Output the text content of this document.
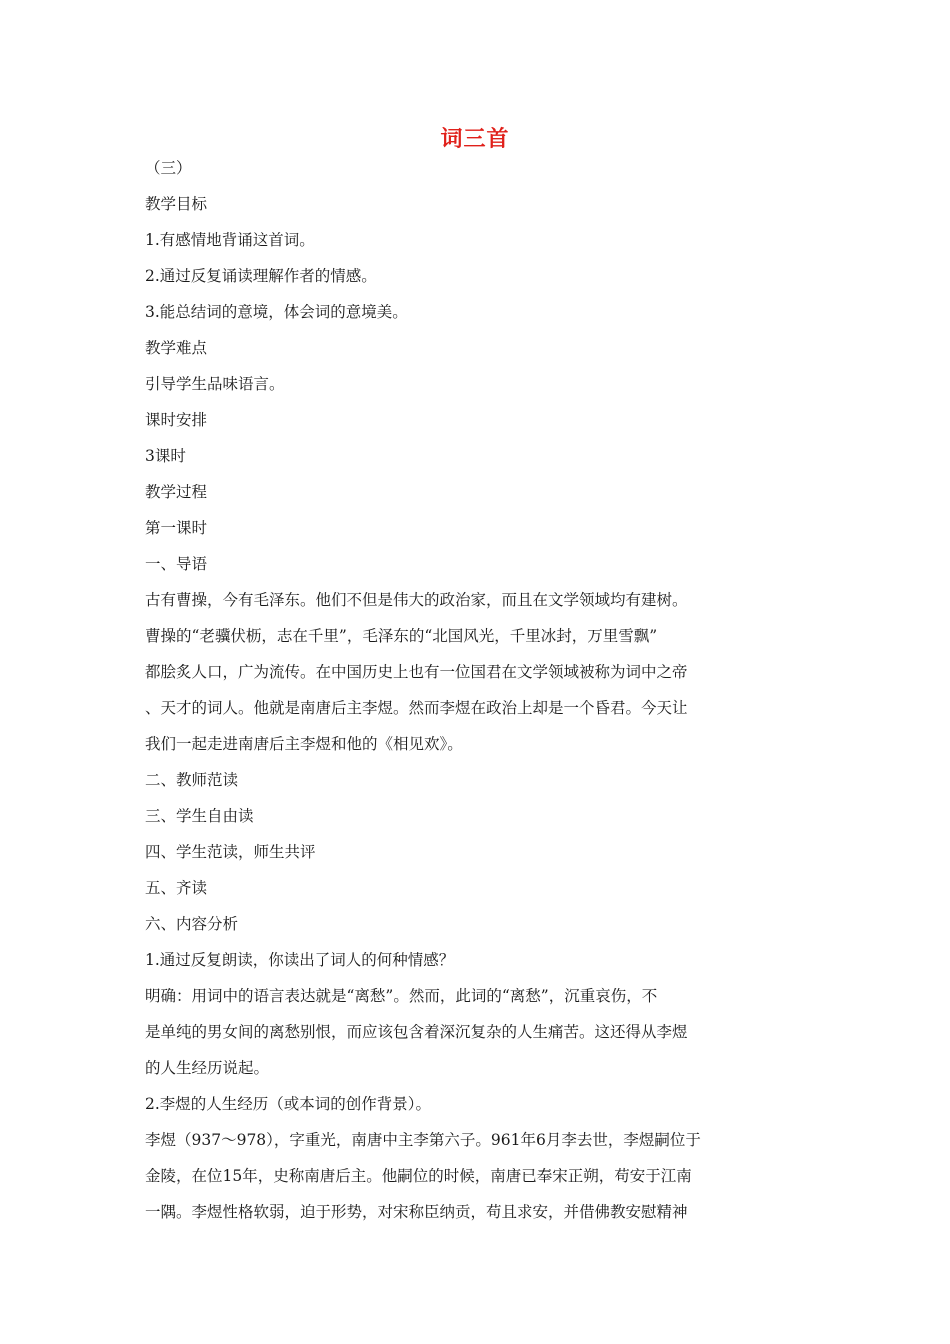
词三首
（三）
教学目标
1.有感情地背诵这首词。
2.通过反复诵读理解作者的情感。
3.能总结词的意境，体会词的意境美。
教学难点
引导学生品味语言。
课时安排
3课时
教学过程
第一课时
一、导语
古有曹操，今有毛泽东。他们不但是伟大的政治家，而且在文学领域均有建树。
曹操的“老骥伏枥，志在千里”，毛泽东的“北国风光，千里冰封，万里雪飘”
都脍炙人口，广为流传。在中国历史上也有一位国君在文学领域被称为词中之帝
、天才的词人。他就是南唐后主李煜。然而李煜在政治上却是一个昏君。今天让
我们一起走进南唐后主李煜和他的《相见欢》。
二、教师范读
三、学生自由读
四、学生范读，师生共评
五、齐读
六、内容分析
1.通过反复朗读，你读出了词人的何种情感？
明确：用词中的语言表达就是“离愁”。然而，此词的“离愁”，沉重哀伤，不
是单纯的男女间的离愁别恨，而应该包含着深沉复杂的人生痛苦。这还得从李煜
的人生经历说起。
2.李煜的人生经历（或本词的创作背景）。
李煜（937～978），字重光，南唐中主李第六子。961年6月李去世，李煜嗣位于
金陵，在位15年，史称南唐后主。他嗣位的时候，南唐已奉宋正朔，苟安于江南
一隅。李煜性格软弱，迫于形势，对宋称臣纳贡，苟且求安，并借佛教安慰精神
